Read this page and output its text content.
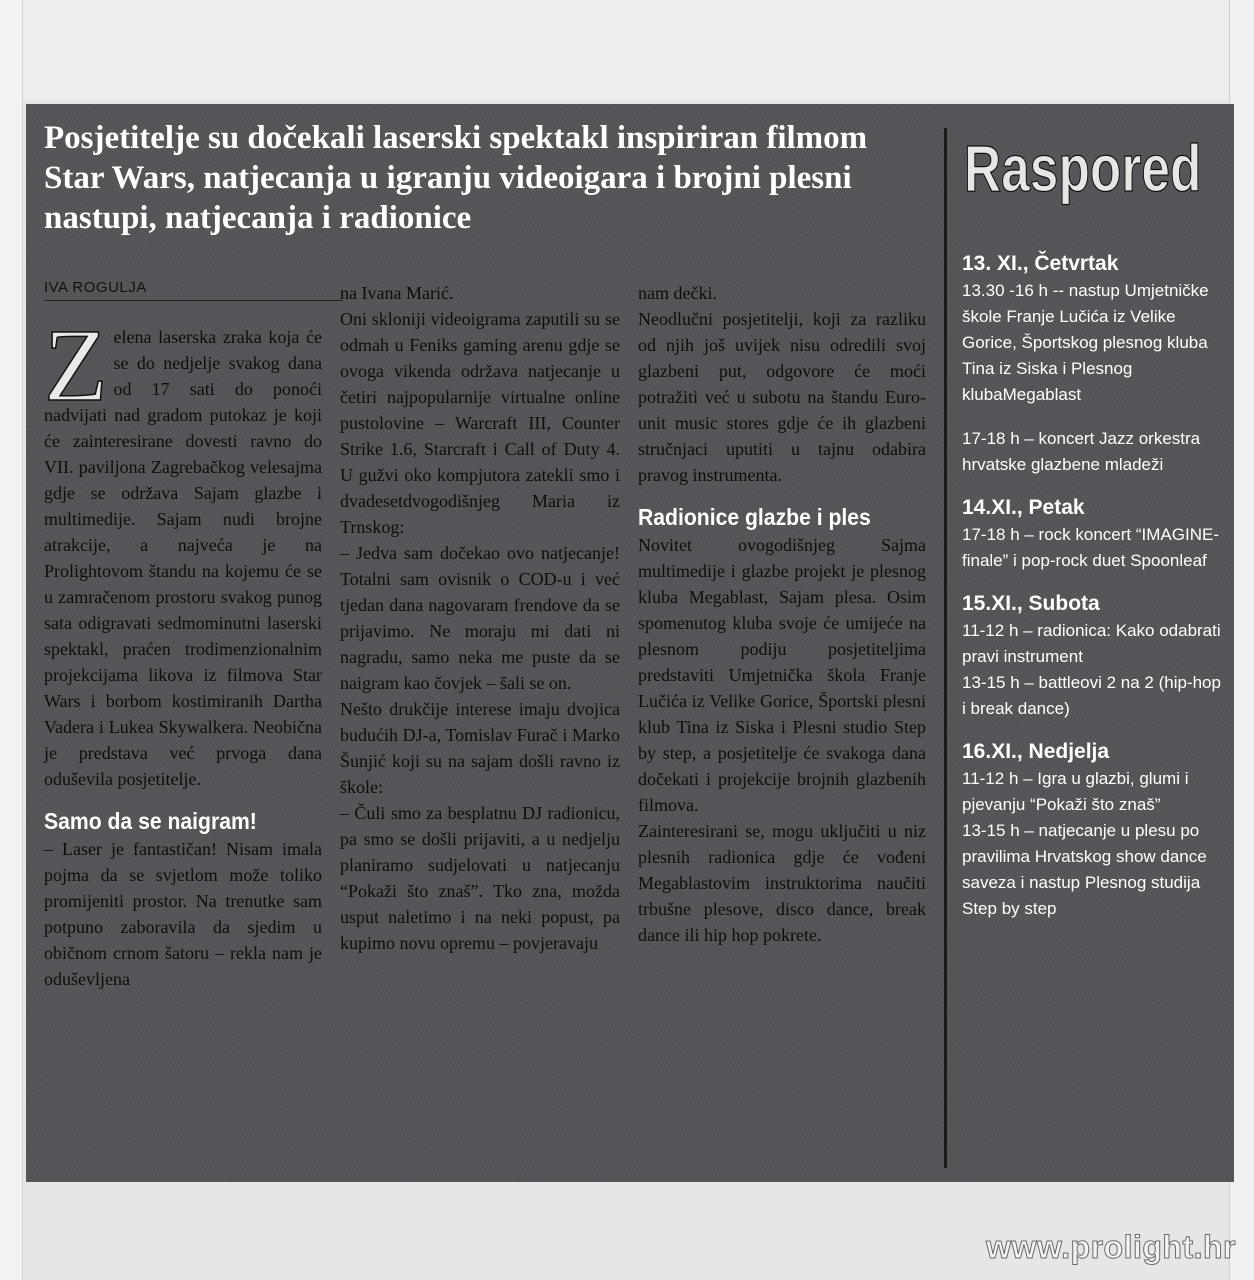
Posjetitelje su dočekali laserski spektakl inspiriran filmom Star Wars, natjecanja u igranju videoigara i brojni plesni nastupi, natjecanja i radionice
IVA ROGULJA

Zelena laserska zraka koja će se do nedjelje svakog dana od 17 sati do ponoći nadvijati nad gradom putokaz je koji će zainteresirane dovesti ravno do VII. paviljona Zagrebačkog velesajma gdje se održava Sajam glazbe i multimedije. Sajam nudi brojne atrakcije, a najveća je na Prolightovom štandu na kojemu će se u zamračenom prostoru svakog punog sata odigravati sedmominutni laserski spektakl, praćen trodimenzionalnim projekcijama likova iz filmova Star Wars i borbom kostimiranih Dartha Vadera i Lukea Skywalkera. Neobična je predstava već prvoga dana oduševila posjetitelje.

Samo da se naigram!

– Laser je fantastičan! Nisam imala pojma da se svjetlom može toliko promijeniti prostor. Na trenutke sam potpuno zaboravila da sjedim u običnom crnom šatoru – rekla nam je oduševljena

na Ivana Marić.

Oni skloniji videoigrama zaputili su se odmah u Feniks gaming arenu gdje se ovoga vikenda održava natjecanje u četiri najpopularnije virtualne online pustolovine – Warcraft III, Counter Strike 1.6, Starcraft i Call of Duty 4. U gužvi oko kompjutora zatekli smo i dvadesetdvogodišnjeg Maria iz Trnskog:

– Jedva sam dočekao ovo natjecanje! Totalni sam ovisnik o COD-u i već tjedan dana nagovaram frendove da se prijavimo. Ne moraju mi dati ni nagradu, samo neka me puste da se naigram kao čovjek – šali se on.

Nešto drukčije interese imaju dvojica budućih DJ-a, Tomislav Furač i Marko Šunjić koji su na sajam došli ravno iz škole:

– Čuli smo za besplatnu DJ radionicu, pa smo se došli prijaviti, a u nedjelju planiramo sudjelovati u natjecanju “Pokaži što znaš”. Tko zna, možda usput naletimo i na neki popust, pa kupimo novu opremu – povjeravaju

nam dečki.

Neodlučni posjetitelji, koji za razliku od njih još uvijek nisu odredili svoj glazbeni put, odgovore će moći potražiti već u subotu na štandu Euro-unit music stores gdje će ih glazbeni stručnjaci uputiti u tajnu odabira pravog instrumenta.

Radionice glazbe i ples

Novitet ovogodišnjeg Sajma multimedije i glazbe projekt je plesnog kluba Megablast, Sajam plesa. Osim spomenutog kluba svoje će umijeće na plesnom podiju posjetiteljima predstaviti Umjetnička škola Franje Lučića iz Velike Gorice, Športski plesni klub Tina iz Siska i Plesni studio Step by step, a posjetitelje će svakoga dana dočekati i projekcije brojnih glazbenih filmova.

Zainteresirani se, mogu uključiti u niz plesnih radionica gdje će vođeni Megablastovim instruktorima naučiti trbušne plesove, disco dance, break dance ili hip hop pokrete.

Raspored

13. XI., Četvrtak

13.30 -16 h -- nastup Umjetničke škole Franje Lučića iz Velike Gorice, Športskog plesnog kluba Tina iz Siska i Plesnog klubaMegablast

17-18 h – koncert Jazz orkestra hrvatske glazbene mladeži

14.XI., Petak

17-18 h – rock koncert “IMAGINE-finale” i pop-rock duet Spoonleaf

15.XI., Subota

11-12 h – radionica: Kako odabrati pravi instrument

13-15 h – battleovi 2 na 2 (hip-hop i break dance)

16.XI., Nedjelja

11-12 h – Igra u glazbi, glumi i pjevanju “Pokaži što znaš”

13-15 h – natjecanje u plesu po pravilima Hrvatskog show dance saveza i nastup Plesnog studija Step by step

www.prolight.hr
